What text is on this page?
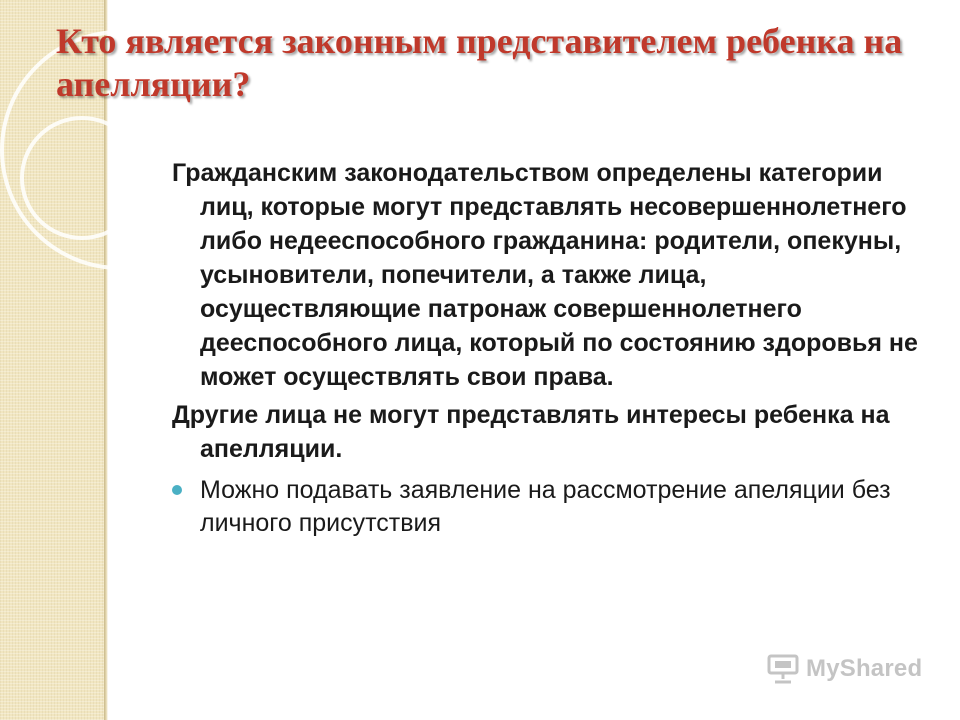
Кто является законным представителем ребенка на апелляции?

Гражданским законодательством определены категории лиц, которые могут представлять несовершеннолетнего либо недееспособного гражданина: родители, опекуны, усыновители, попечители, а также лица, осуществляющие патронаж совершеннолетнего дееспособного лица, который по состоянию здоровья не может осуществлять свои права.

Другие лица не могут представлять интересы ребенка на апелляции.

Можно подавать заявление на рассмотрение апеляции без личного присутствия
MyShared
